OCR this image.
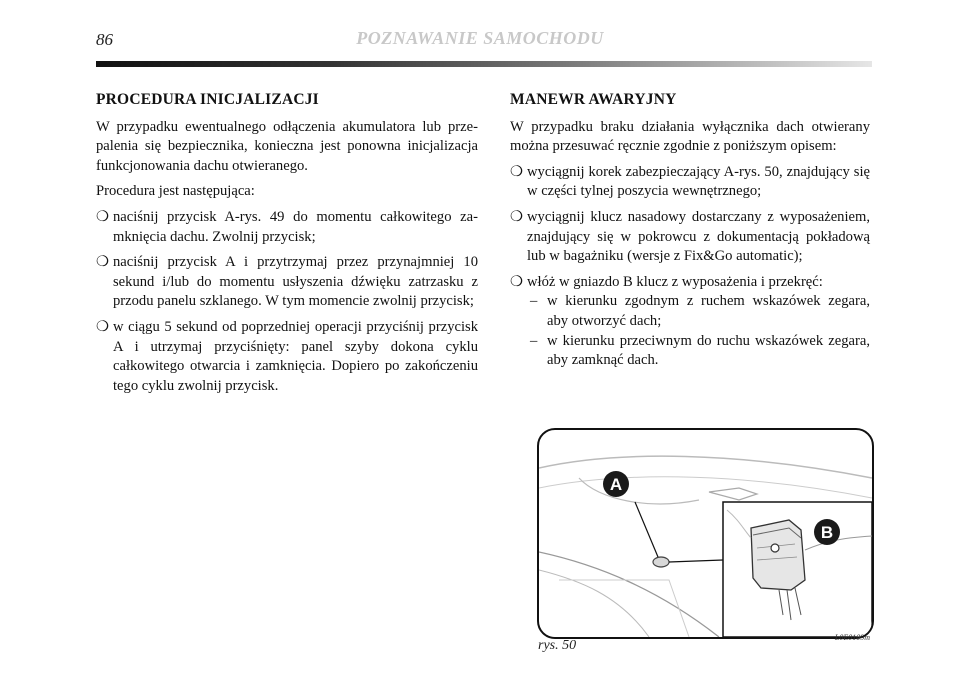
86	POZNAWANIE SAMOCHODU
PROCEDURA INICJALIZACJI

W przypadku ewentualnego odłączenia akumulatora lub przepalenia się bezpiecznika, konieczna jest ponowna inicjalizacja funkcjonowania dachu otwieranego.

Procedura jest następująca:

❍ naciśnij przycisk A-rys. 49 do momentu całkowitego zamknięcia dachu. Zwolnij przycisk;
❍ naciśnij przycisk A i przytrzymaj przez przynajmniej 10 sekund i/lub do momentu usłyszenia dźwięku zatrzasku z przodu panelu szklanego. W tym momencie zwolnij przycisk;
❍ w ciągu 5 sekund od poprzedniej operacji przyciśnij przycisk A i utrzymaj przyciśnięty: panel szyby dokona cyklu całkowitego otwarcia i zamknięcia. Dopiero po zakończeniu tego cyklu zwolnij przycisk.
MANEWR AWARYJNY

W przypadku braku działania wyłącznika dach otwierany można przesuwać ręcznie zgodnie z poniższym opisem:

❍ wyciągnij korek zabezpieczający A-rys. 50, znajdujący się w części tylnej poszycia wewnętrznego;
❍ wyciągnij klucz nasadowy dostarczany z wyposażeniem, znajdujący się w pokrowcu z dokumentacją pokładową lub w bagażniku (wersje z Fix&Go automatic);
❍ włóż w gniazdo B klucz z wyposażenia i przekręć:
– w kierunku zgodnym z ruchem wskazówek zegara, aby otworzyć dach;
– w kierunku przeciwnym do ruchu wskazówek zegara, aby zamknąć dach.
A
B
rys. 50
L0E0109m
